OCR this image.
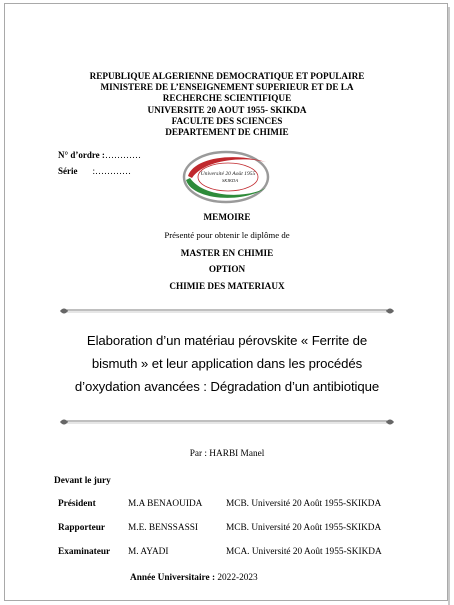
REPUBLIQUE ALGERIENNE DEMOCRATIQUE ET POPULAIRE
MINISTERE DE L’ENSEIGNEMENT SUPERIEUR ET DE LA
RECHERCHE SCIENTIFIQUE
UNIVERSITE 20 AOUT 1955- SKIKDA
FACULTE DES SCIENCES
DEPARTEMENT DE CHIMIE
N° d’ordre :…………
Série :…………	Université 20 Août 1955
SKIKDA
MEMOIRE
Présenté pour obtenir le diplôme de
MASTER EN CHIMIE
OPTION
CHIMIE DES MATERIAUX
Elaboration d’un matériau pérovskite « Ferrite de
bismuth » et leur application dans les procédés
d’oxydation avancées : Dégradation d’un antibiotique
Par : HARBI Manel
Devant le jury
Président	M.A BENAOUIDA	MCB. Université 20 Août 1955-SKIKDA
Rapporteur M.E. BENSSASSI	MCB. Université 20 Août 1955-SKIKDA
Examinateur M. AYADI	MCA. Université 20 Août 1955-SKIKDA
Année Universitaire : 2022-2023
